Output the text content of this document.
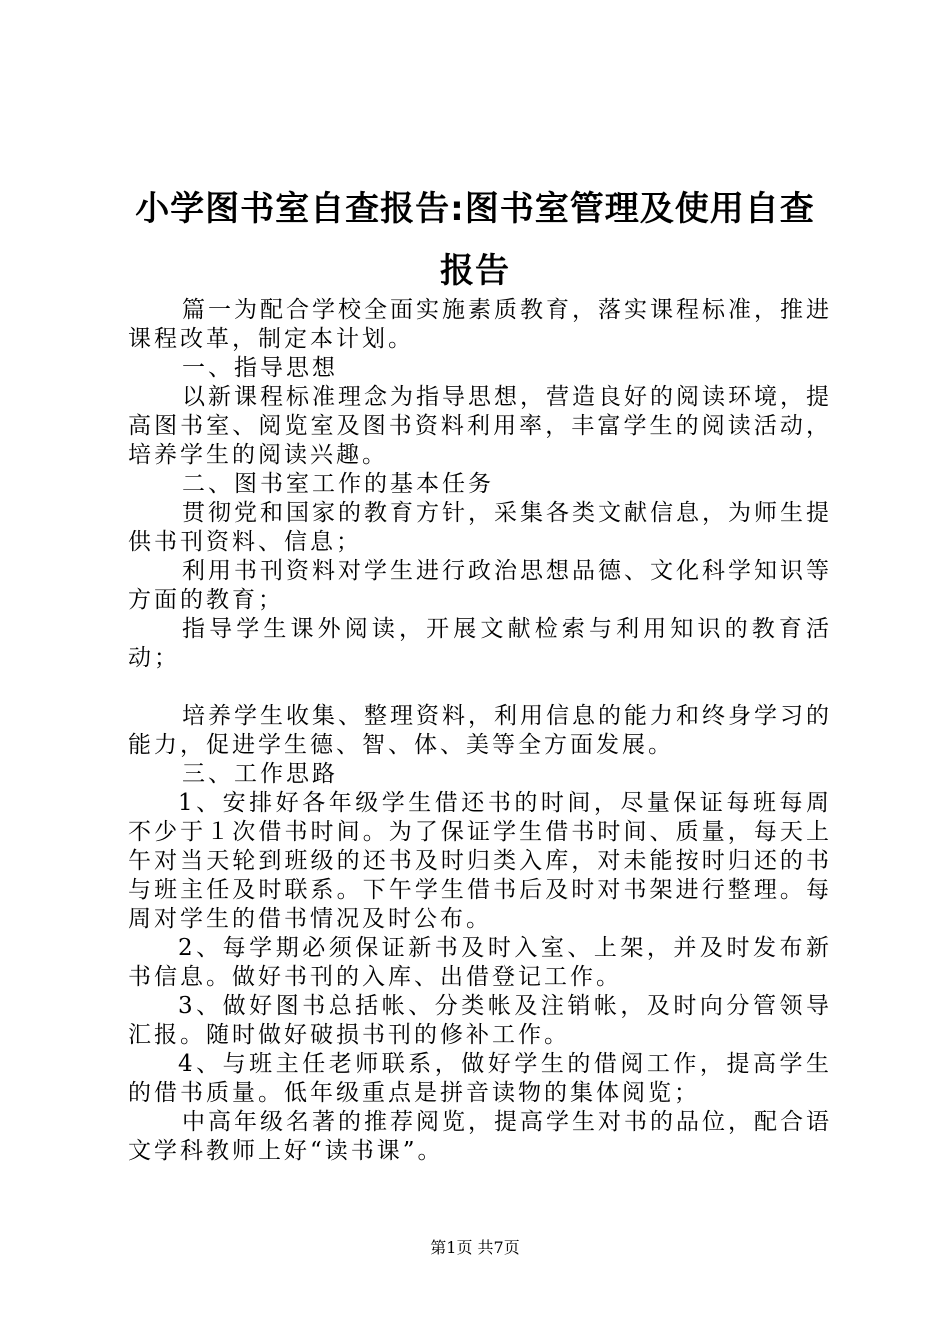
小学图书室自查报告:图书室管理及使用自查报告

篇一为配合学校全面实施素质教育，落实课程标准，推进课程改革，制定本计划。

一、指导思想

以新课程标准理念为指导思想，营造良好的阅读环境，提高图书室、阅览室及图书资料利用率，丰富学生的阅读活动，培养学生的阅读兴趣。

二、图书室工作的基本任务

贯彻党和国家的教育方针，采集各类文献信息，为师生提供书刊资料、信息；

利用书刊资料对学生进行政治思想品德、文化科学知识等方面的教育；

指导学生课外阅读，开展文献检索与利用知识的教育活动；

培养学生收集、整理资料，利用信息的能力和终身学习的能力，促进学生德、智、体、美等全方面发展。

三、工作思路

1、安排好各年级学生借还书的时间，尽量保证每班每周不少于１次借书时间。为了保证学生借书时间、质量，每天上午对当天轮到班级的还书及时归类入库，对未能按时归还的书与班主任及时联系。下午学生借书后及时对书架进行整理。每周对学生的借书情况及时公布。

2、每学期必须保证新书及时入室、上架，并及时发布新书信息。做好书刊的入库、出借登记工作。

3、做好图书总括帐、分类帐及注销帐，及时向分管领导汇报。随时做好破损书刊的修补工作。

4、与班主任老师联系，做好学生的借阅工作，提高学生的借书质量。低年级重点是拼音读物的集体阅览；

中高年级名著的推荐阅览，提高学生对书的品位，配合语文学科教师上好“读书课”。

第1页 共7页
